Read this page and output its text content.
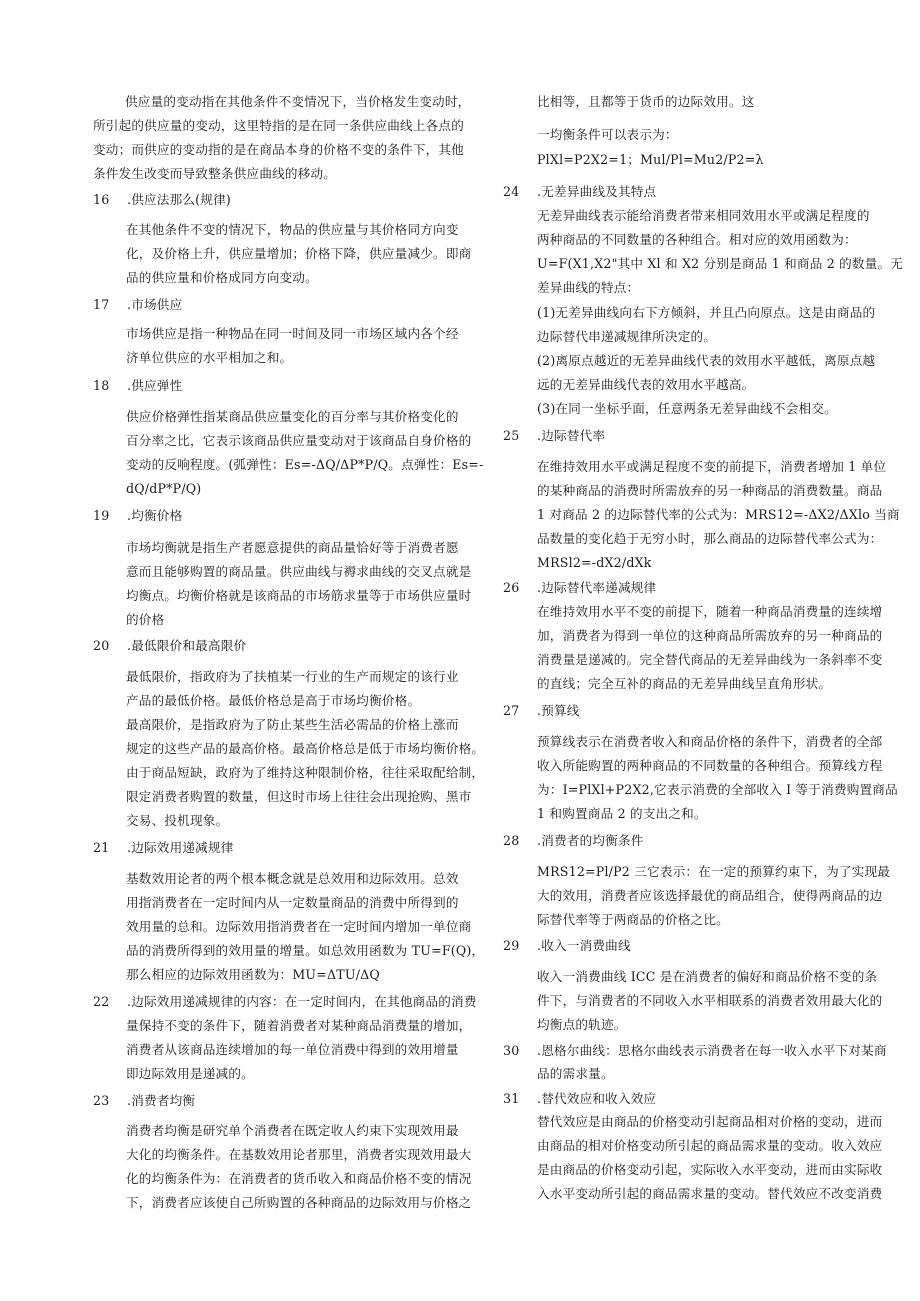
供应量的变动指在其他条件不变情况下，当价格发生变动时，
所引起的供应量的变动，这里特指的是在同一条供应曲线上各点的
变动；而供应的变动指的是在商品本身的价格不变的条件下，其他
条件发生改变而导致整条供应曲线的移动。
16 .供应法那么(规律)
在其他条件不变的情况下，物品的供应量与其价格同方向变
化，及价格上升，供应量增加；价格下降，供应量减少。即商
品的供应量和价格成同方向变动。
17 .市场供应
市场供应是指一种物品在同一时间及同一市场区域内各个经
济单位供应的水平相加之和。
18 .供应弹性
供应价格弹性指某商品供应量变化的百分率与其价格变化的
百分率之比，它表示该商品供应量变动对于该商品自身价格的
变动的反响程度。(弧弹性：Es=-ΔQ/ΔP*P/Q。点弹性：Es=-
dQ/dP*P/Q)
19 .均衡价格
市场均衡就是指生产者愿意提供的商品量恰好等于消费者愿
意而且能够购置的商品量。供应曲线与褥求曲线的交叉点就是
均衡点。均衡价格就是该商品的市场筋求量等于市场供应量时
的价格
20 .最低限价和最高限价
最低限价，指政府为了扶植某一行业的生产而规定的该行业
产品的最低价格。最低价格总是高于市场均衡价格。
最高限价，是指政府为了防止某些生活必需品的价格上涨而
规定的这些产品的最高价格。最高价格总是低于市场均衡价格。
由于商品短缺，政府为了维持这种限制价格，往往采取配给制，
限定消费者购置的数量，但这时市场上往往会出现抢购、黑市
交易、投机现象。
21 .边际效用递减规律
基数效用论者的两个根本概念就是总效用和边际效用。总效
用指消费者在一定时间内从一定数量商品的消费中所得到的
效用量的总和。边际效用指消费者在一定时间内增加一单位商
品的消费所得到的效用量的增量。如总效用函数为 TU=F(Q)，
那么相应的边际效用函数为：MU=ΔTU/ΔQ
22 .边际效用递减规律的内容：在一定时间内，在其他商品的消费
量保持不变的条件下，随着消费者对某种商品消费量的增加，
消费者从该商品连续增加的每一单位消费中得到的效用增量
即边际效用是递减的。
23 .消费者均衡
消费者均衡是研究单个消费者在既定收人约束下实现效用最
大化的均衡条件。在基数效用论者那里，消费者实现效用最大
化的均衡条件为：在消费者的货币收入和商品价格不变的情况
下，消费者应该使自己所购置的各种商品的边际效用与价格之
比相等，且都等于货币的边际效用。这
一均衡条件可以表示为：
PlXl=P2X2=1；Mul/Pl=Mu2/P2=λ
24 .无差异曲线及其特点
无差异曲线表示能给消费者带来相同效用水平或满足程度的
两种商品的不同数量的各种组合。相对应的效用函数为：
U=F(X1,X2"其中 Xl 和 X2 分别是商品 1 和商品 2 的数量。无
差异曲线的特点：
(1)无差异曲线向右下方倾斜，并且凸向原点。这是由商品的
边际替代串递减规律所决定的。
(2)离原点越近的无差异曲线代表的效用水平越低，离原点越
远的无差异曲线代表的效用水平越高。
(3)在同一坐标乎面，任意两条无差异曲线不会相交。
25 .边际替代率
在维持效用水平或满足程度不变的前提下，消费者增加 1 单位
的某种商品的消费时所需放弃的另一种商品的消费数量。商品
1 对商品 2 的边际替代率的公式为：MRS12=-ΔX2/ΔXlo 当商
品数量的变化趋于无穷小时，那么商品的边际替代率公式为：
MRSl2=-dX2/dXk
26 .边际替代率递减规律
在维持效用水平不变的前提下，随着一种商品消费量的连续增
加，消费者为得到一单位的这种商品所需放弃的另一种商品的
消费量是递减的。完全替代商品的无差异曲线为一条斜率不变
的直线；完全互补的商品的无差异曲线呈直角形状。
27 .预算线
预算线表示在消费者收入和商品价格的条件下，消费者的全部
收入所能购置的两种商品的不同数量的各种组合。预算线方程
为：I=PlXl+P2X2,它表示消费的全部收入 I 等于消费购置商品
1 和购置商品 2 的支出之和。
28 .消费者的均衡条件
MRS12=Pl/P2 三它表示：在一定的预算约束下，为了实现最
大的效用，消费者应该选择最优的商品组合，使得两商品的边
际替代率等于两商品的价格之比。
29 .收入一消费曲线
收入一消费曲线 ICC 是在消费者的偏好和商品价格不变的条
件下，与消费者的不同收入水平相联系的消费者效用最大化的
均衡点的轨迹。
30 .恩格尔曲线：思格尔曲线表示消费者在每一收入水平下对某商
品的需求量。
31 .替代效应和收入效应
替代效应是由商品的价格变动引起商品相对价格的变动，进而
由商品的相对价格变动所引起的商品需求量的变动。收入效应
是由商品的价格变动引起，实际收入水平变动，进而由实际收
入水平变动所引起的商品需求量的变动。替代效应不改变消费
